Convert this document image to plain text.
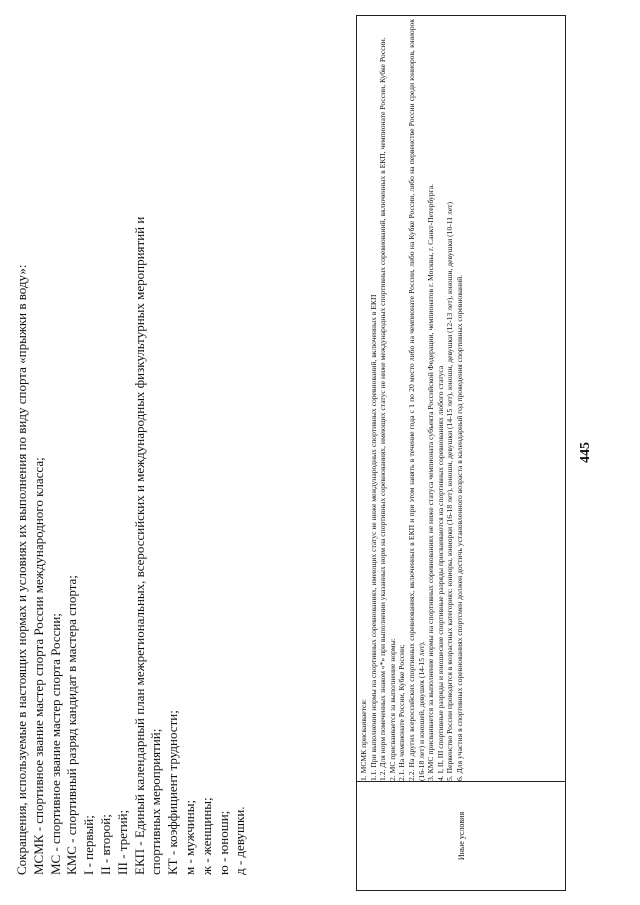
445
Иные условия

1. МСМК присваивается: 1.1. При выполнении нормы на спортивных соревнованиях, имеющих статус не ниже международных спортивных соревнований, включенных в ЕКП 1.2. Для норм помеченных знаком «*» при выполнении указанных норм на спортивных соревнованиях, имеющих статус не ниже международных спортивных соревнований, включенных в ЕКП, чемпионате России, Кубке России. 2. МС присваивается за выполнение нормы: 2.1. На чемпионате России, Кубке России; 2.2. На других всероссийских спортивных соревнованиях, включенных в ЕКП и при этом занять в течение года с 1 по 20 место либо на чемпионате России, либо на Кубке России, либо на первенстве России среди юниоров, юниорок (16-18 лет) и юношей, девушек (14-15 лет). 3. КМС присваивается за выполнение нормы на спортивных соревнованиях не ниже статуса чемпионата субъекта Российской Федерации, чемпионатов г. Москвы, г. Санкт-Петербурга. 4. I, II, III спортивные разряды и юношеские спортивные разряды присваиваются на спортивных соревнованиях любого статуса 5. Первенство России проводится в возрастных категориях: юниоры, юниорки (16-18 лет), юноши, девушки (14-15 лет), юноши, девушки (12-13 лет), юноши, девушки (10-11 лет) 6. Для участия в спортивных соревнованиях спортсмен должен достичь установленного возраста в календарный год проведения спортивных соревнований.

Сокращения, используемые в настоящих нормах и условиях их выполнения по виду спорта «прыжки в воду»: МСМК - спортивное звание мастер спорта России международного класса; МС - спортивное звание мастер спорта России; КМС - спортивный разряд кандидат в мастера спорта; I - первый; II - второй; III - третий; ЕКП - Единый календарный план межрегиональных, всероссийских и международных физкультурных мероприятий и спортивных мероприятий; КТ - коэффициент трудности; м - мужчины; ж - женщины; ю - юноши; д - девушки.
